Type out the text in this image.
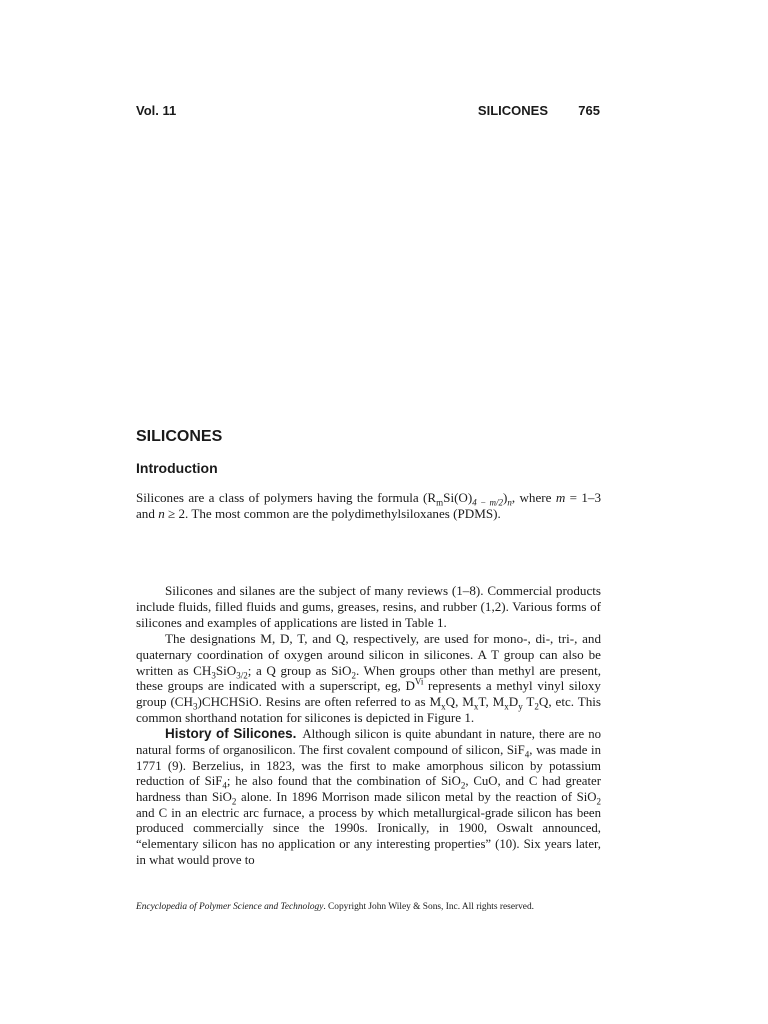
Vol. 11	SILICONES 765
SILICONES
Introduction

Silicones are a class of polymers having the formula $(R_mSi(O)_{4 - m/2})_n$, where m = 1–3 and n ≥ 2. The most common are the polydimethylsiloxanes (PDMS).

Silicones and silanes are the subject of many reviews (1–8). Commercial products include fluids, filled fluids and gums, greases, resins, and rubber (1,2). Various forms of silicones and examples of applications are listed in Table 1.

The designations M, D, T, and Q, respectively, are used for mono-, di-, tri-, and quaternary coordination of oxygen around silicon in silicones. A T group can also be written as $CH_3SiO_{3/2}$; a Q group as SiO$_2$. When groups other than methyl are present, these groups are indicated with a superscript, eg, $D^{Vi}$ represents a methyl vinyl siloxy group $(CH_3)CHCHSiO$. Resins are often referred to as $M_xQ$, $M_xT$, $M_xD_y$ $T_2Q$, etc. This common shorthand notation for silicones is depicted in Figure 1.

History of Silicones. Although silicon is quite abundant in nature, there are no natural forms of organosilicon. The first covalent compound of silicon, SiF$_4$, was made in 1771 (9). Berzelius, in 1823, was the first to make amorphous silicon by potassium reduction of SiF$_4$; he also found that the combination of SiO$_2$, CuO, and C had greater hardness than SiO$_2$ alone. In 1896 Morrison made silicon metal by the reaction of SiO$_2$ and C in an electric arc furnace, a process by which metallurgical-grade silicon has been produced commercially since the 1990s. Ironically, in 1900, Oswalt announced, “elementary silicon has no application or any interesting properties” (10). Six years later, in what would prove to

Encyclopedia of Polymer Science and Technology. Copyright John Wiley & Sons, Inc. All rights reserved.
